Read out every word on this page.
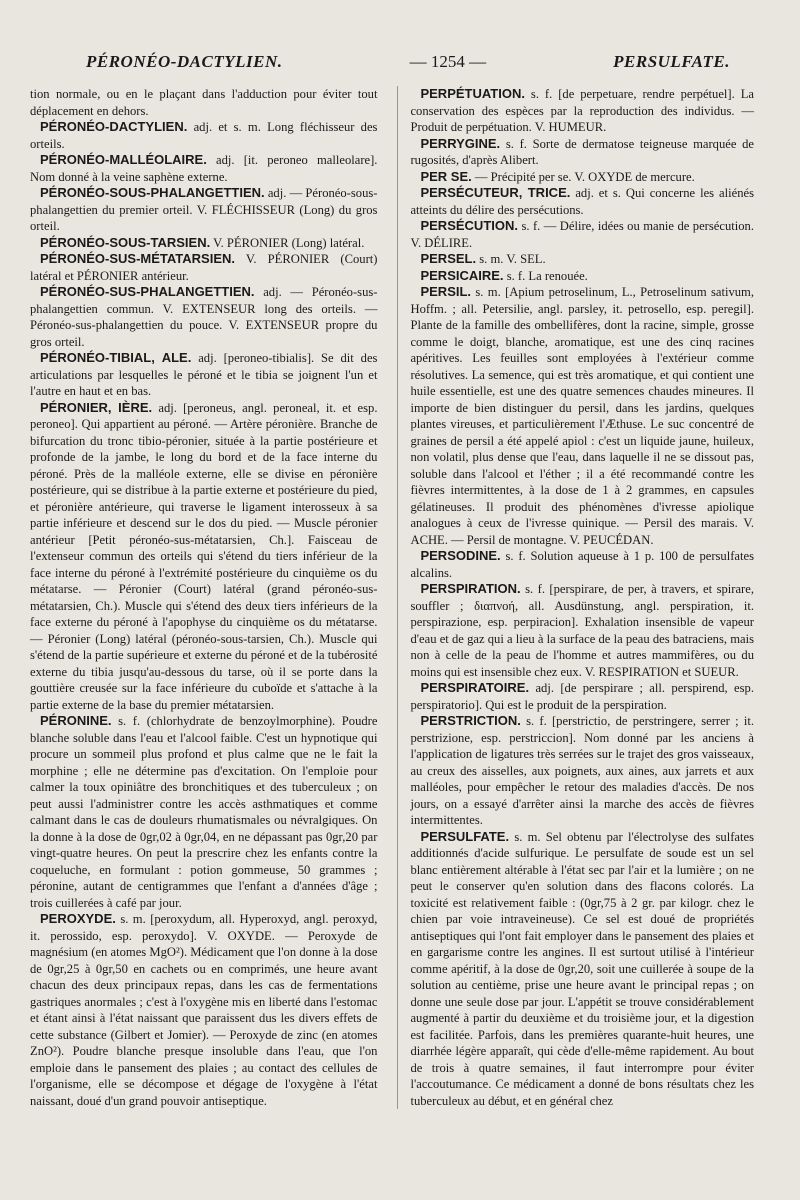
PÉRONÉO-DACTYLIEN.	— 1254 —	PERSULFATE.

tion normale, ou en le plaçant dans l'adduction pour éviter tout déplacement en dehors.

PÉRONÉO-DACTYLIEN. adj. et s. m. Long fléchisseur des orteils.

PÉRONÉO-MALLÉOLAIRE. adj. [it. peroneo malleolare]. Nom donné à la veine saphène externe.

PÉRONÉO-SOUS-PHALANGETTIEN. adj. — Péronéo-sous-phalangettien du premier orteil. V. FLÉCHISSEUR (Long) du gros orteil.

PÉRONÉO-SOUS-TARSIEN. V. PÉRONIER (Long) latéral.

PÉRONÉO-SUS-MÉTATARSIEN. V. PÉRONIER (Court) latéral et PÉRONIER antérieur.

PÉRONÉO-SUS-PHALANGETTIEN. adj. — Péronéo-sus-phalangettien commun. V. EXTENSEUR long des orteils. — Péronéo-sus-phalangettien du pouce. V. EXTENSEUR propre du gros orteil.

PÉRONÉO-TIBIAL, ALE. adj. [peroneo-tibialis]. Se dit des articulations par lesquelles le péroné et le tibia se joignent l'un et l'autre en haut et en bas.

PÉRONIER, IÈRE. adj. [peroneus, angl. peroneal, it. et esp. peroneo]. Qui appartient au péroné. — Artère péronière. Branche de bifurcation du tronc tibio-péronier, située à la partie postérieure et profonde de la jambe, le long du bord et de la face interne du péroné. Près de la malléole externe, elle se divise en péronière postérieure, qui se distribue à la partie externe et postérieure du pied, et péronière antérieure, qui traverse le ligament interosseux à sa partie inférieure et descend sur le dos du pied. — Muscle péronier antérieur [Petit péronéo-sus-métatarsien, Ch.]. Faisceau de l'extenseur commun des orteils qui s'étend du tiers inférieur de la face interne du péroné à l'extrémité postérieure du cinquième os du métatarse. — Péronier (Court) latéral (grand péronéo-sus-métatarsien, Ch.). Muscle qui s'étend des deux tiers inférieurs de la face externe du péroné à l'apophyse du cinquième os du métatarse. — Péronier (Long) latéral (péronéo-sous-tarsien, Ch.). Muscle qui s'étend de la partie supérieure et externe du péroné et de la tubérosité externe du tibia jusqu'au-dessous du tarse, où il se porte dans la gouttière creusée sur la face inférieure du cuboïde et s'attache à la partie externe de la base du premier métatarsien.

PÉRONINE. s. f. (chlorhydrate de benzoylmorphine). Poudre blanche soluble dans l'eau et l'alcool faible. C'est un hypnotique qui procure un sommeil plus profond et plus calme que ne le fait la morphine ; elle ne détermine pas d'excitation. On l'emploie pour calmer la toux opiniâtre des bronchitiques et des tuberculeux ; on peut aussi l'administrer contre les accès asthmatiques et comme calmant dans le cas de douleurs rhumatismales ou névralgiques. On la donne à la dose de 0gr,02 à 0gr,04, en ne dépassant pas 0gr,20 par vingt-quatre heures. On peut la prescrire chez les enfants contre la coqueluche, en formulant : potion gommeuse, 50 grammes ; péronine, autant de centigrammes que l'enfant a d'années d'âge ; trois cuillerées à café par jour.

PEROXYDE. s. m. [peroxydum, all. Hyperoxyd, angl. peroxyd, it. perossido, esp. peroxydo]. V. OXYDE. — Peroxyde de magnésium (en atomes MgO²). Médicament que l'on donne à la dose de 0gr,25 à 0gr,50 en cachets ou en comprimés, une heure avant chacun des deux principaux repas, dans les cas de fermentations gastriques anormales ; c'est à l'oxygène mis en liberté dans l'estomac et étant ainsi à l'état naissant que paraissent dus les divers effets de cette substance (Gilbert et Jomier). — Peroxyde de zinc (en atomes ZnO²). Poudre blanche presque insoluble dans l'eau, que l'on emploie dans le pansement des plaies ; au contact des cellules de l'organisme, elle se décompose et dégage de l'oxygène à l'état naissant, doué d'un grand pouvoir antiseptique.

PERPÉTUATION. s. f. [de perpetuare, rendre perpétuel]. La conservation des espèces par la reproduction des individus. — Produit de perpétuation. V. HUMEUR.

PERRYGINE. s. f. Sorte de dermatose teigneuse marquée de rugosités, d'après Alibert.

PER SE. — Précipité per se. V. OXYDE de mercure.

PERSÉCUTEUR, TRICE. adj. et s. Qui concerne les aliénés atteints du délire des persécutions.

PERSÉCUTION. s. f. — Délire, idées ou manie de persécution. V. DÉLIRE.

PERSEL. s. m. V. SEL.

PERSICAIRE. s. f. La renouée.

PERSIL. s. m. [Apium petroselinum, L., Petroselinum sativum, Hoffm. ; all. Petersilie, angl. parsley, it. petrosello, esp. peregil]. Plante de la famille des ombellifères, dont la racine, simple, grosse comme le doigt, blanche, aromatique, est une des cinq racines apéritives. Les feuilles sont employées à l'extérieur comme résolutives. La semence, qui est très aromatique, et qui contient une huile essentielle, est une des quatre semences chaudes mineures. Il importe de bien distinguer du persil, dans les jardins, quelques plantes vireuses, et particulièrement l'Æthuse. Le suc concentré de graines de persil a été appelé apiol : c'est un liquide jaune, huileux, non volatil, plus dense que l'eau, dans laquelle il ne se dissout pas, soluble dans l'alcool et l'éther ; il a été recommandé contre les fièvres intermittentes, à la dose de 1 à 2 grammes, en capsules gélatineuses. Il produit des phénomènes d'ivresse apiolique analogues à ceux de l'ivresse quinique. — Persil des marais. V. ACHE. — Persil de montagne. V. PEUCÉDAN.

PERSODINE. s. f. Solution aqueuse à 1 p. 100 de persulfates alcalins.

PERSPIRATION. s. f. [perspirare, de per, à travers, et spirare, souffler ; διαπνοή, all. Ausdünstung, angl. perspiration, it. perspirazione, esp. perpiracion]. Exhalation insensible de vapeur d'eau et de gaz qui a lieu à la surface de la peau des batraciens, mais non à celle de la peau de l'homme et autres mammifères, ou du moins qui est insensible chez eux. V. RESPIRATION et SUEUR.

PERSPIRATOIRE. adj. [de perspirare ; all. perspirend, esp. perspiratorio]. Qui est le produit de la perspiration.

PERSTRICTION. s. f. [perstrictio, de perstringere, serrer ; it. perstrizione, esp. perstriccion]. Nom donné par les anciens à l'application de ligatures très serrées sur le trajet des gros vaisseaux, au creux des aisselles, aux poignets, aux aines, aux jarrets et aux malléoles, pour empêcher le retour des maladies d'accès. De nos jours, on a essayé d'arrêter ainsi la marche des accès de fièvres intermittentes.

PERSULFATE. s. m. Sel obtenu par l'électrolyse des sulfates additionnés d'acide sulfurique. Le persulfate de soude est un sel blanc entièrement altérable à l'état sec par l'air et la lumière ; on ne peut le conserver qu'en solution dans des flacons colorés. La toxicité est relativement faible : (0gr,75 à 2 gr. par kilogr. chez le chien par voie intraveineuse). Ce sel est doué de propriétés antiseptiques qui l'ont fait employer dans le pansement des plaies et en gargarisme contre les angines. Il est surtout utilisé à l'intérieur comme apéritif, à la dose de 0gr,20, soit une cuillerée à soupe de la solution au centième, prise une heure avant le principal repas ; on donne une seule dose par jour. L'appétit se trouve considérablement augmenté à partir du deuxième et du troisième jour, et la digestion est facilitée. Parfois, dans les premières quarante-huit heures, une diarrhée légère apparaît, qui cède d'elle-même rapidement. Au bout de trois à quatre semaines, il faut interrompre pour éviter l'accoutumance. Ce médicament a donné de bons résultats chez les tuberculeux au début, et en général chez
